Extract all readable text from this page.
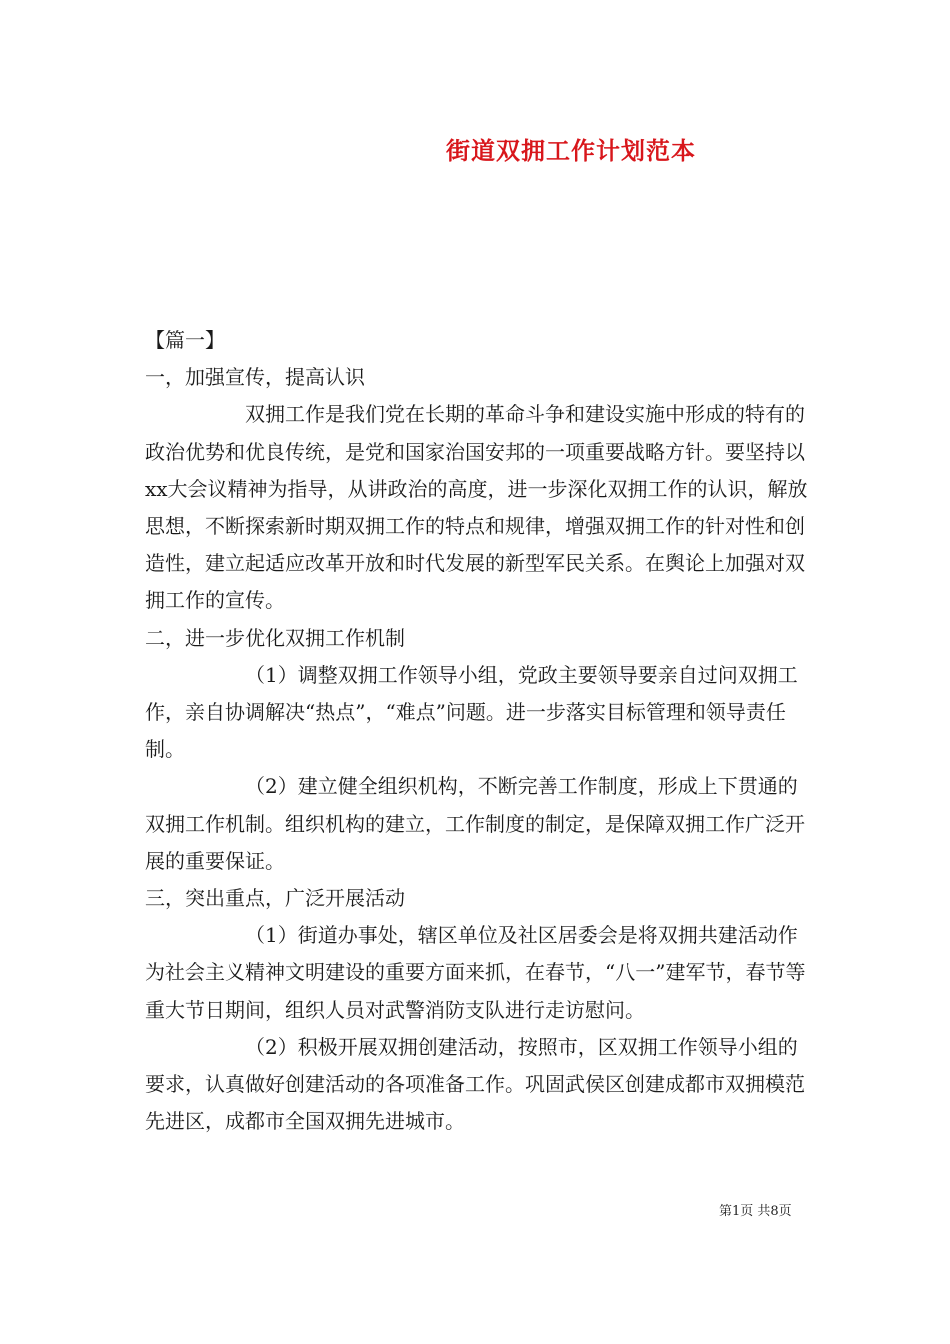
街道双拥工作计划范本

【篇一】

一，加强宣传，提高认识

双拥工作是我们党在长期的革命斗争和建设实施中形成的特有的政治优势和优良传统，是党和国家治国安邦的一项重要战略方针。要坚持以xx大会议精神为指导，从讲政治的高度，进一步深化双拥工作的认识，解放思想，不断探索新时期双拥工作的特点和规律，增强双拥工作的针对性和创造性，建立起适应改革开放和时代发展的新型军民关系。在舆论上加强对双拥工作的宣传。

二，进一步优化双拥工作机制

（1）调整双拥工作领导小组，党政主要领导要亲自过问双拥工作，亲自协调解决“热点”，“难点”问题。进一步落实目标管理和领导责任制。

（2）建立健全组织机构，不断完善工作制度，形成上下贯通的双拥工作机制。组织机构的建立，工作制度的制定，是保障双拥工作广泛开展的重要保证。

三，突出重点，广泛开展活动

（1）街道办事处，辖区单位及社区居委会是将双拥共建活动作为社会主义精神文明建设的重要方面来抓，在春节，“八一”建军节，春节等重大节日期间，组织人员对武警消防支队进行走访慰问。

（2）积极开展双拥创建活动，按照市，区双拥工作领导小组的要求，认真做好创建活动的各项准备工作。巩固武侯区创建成都市双拥模范先进区，成都市全国双拥先进城市。

第1页 共8页
